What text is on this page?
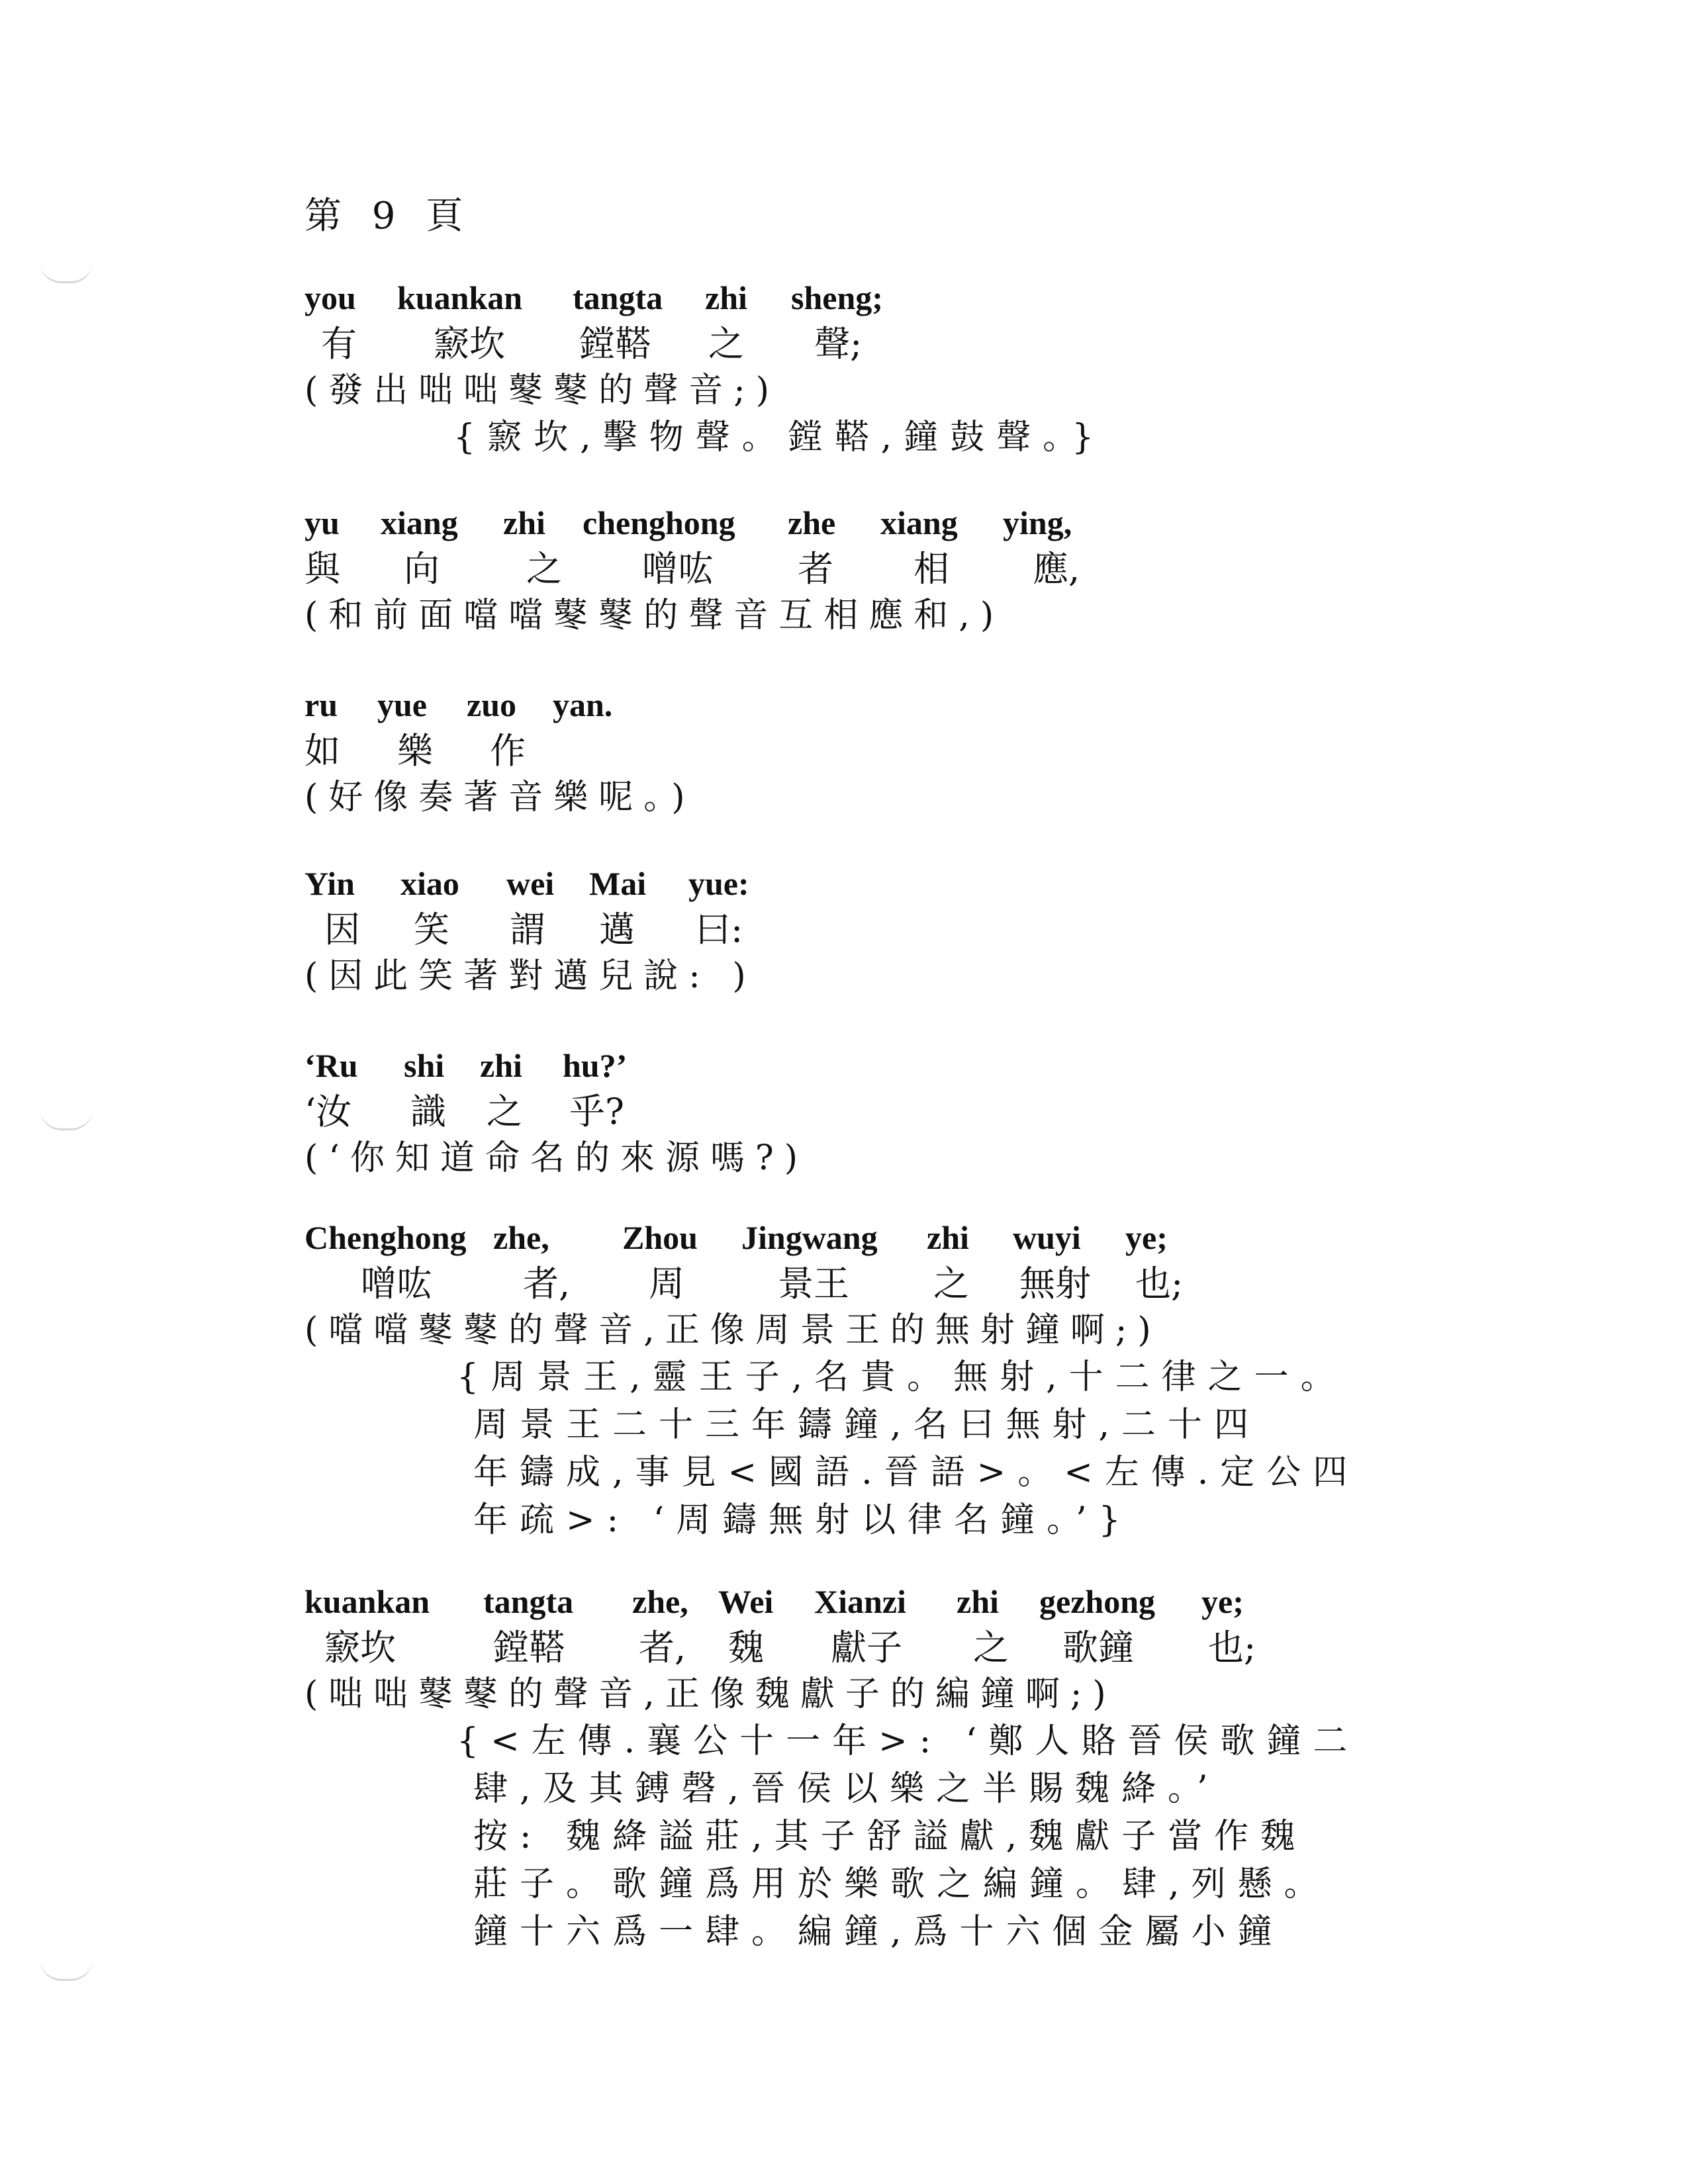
第 9 頁
you kuankan tangta zhi sheng;
有 窾坎 鏜鞳 之 聲;
(發出咄咄鼕鼕的聲音;)
{窾坎,擊物聲。鏜鞳,鐘鼓聲。}
yu xiang zhi chenghong zhe xiang ying,
與 向 之 噌吰 者 相 應,
(和前面噹噹鼕鼕的聲音互相應和,)
ru yue zuo yan.
如 樂 作
(好像奏著音樂呢。)
Yin xiao wei Mai yue:
因 笑 謂 邁 曰:
(因此笑著對邁兒說: )
‘Ru shi zhi hu?’
‘汝 識 之 乎?
(‘你知道命名的來源嗎?)
Chenghong zhe, Zhou Jingwang zhi wuyi ye;
噌吰	者, 周	景王 之 無射 也;
(噹噹鼕鼕的聲音,正像周景王的無射鐘啊;)
{周景王,靈王子,名貴。無射,十二律之一。
周景王二十三年鑄鐘,名曰無射,二十四
年鑄成,事見<國語.晉語>。<左傳.定公四
年疏>: ‘周鑄無射以律名鐘。’}
kuankan tangta zhe, Wei Xianzi zhi gezhong ye;
窾坎	鏜鞳 者, 魏 獻子 之 歌鐘 也;
(咄咄鼕鼕的聲音,正像魏獻子的編鐘啊;)
{<左傳.襄公十一年>: ‘鄭人賂晉侯歌鐘二
肆,及其鎛磬,晉侯以樂之半賜魏絳。’
按: 魏絳謚莊,其子舒謚獻,魏獻子當作魏
莊子。歌鐘爲用於樂歌之編鐘。肆,列懸。
鐘十六爲一肆。編鐘,爲十六個金屬小鐘
